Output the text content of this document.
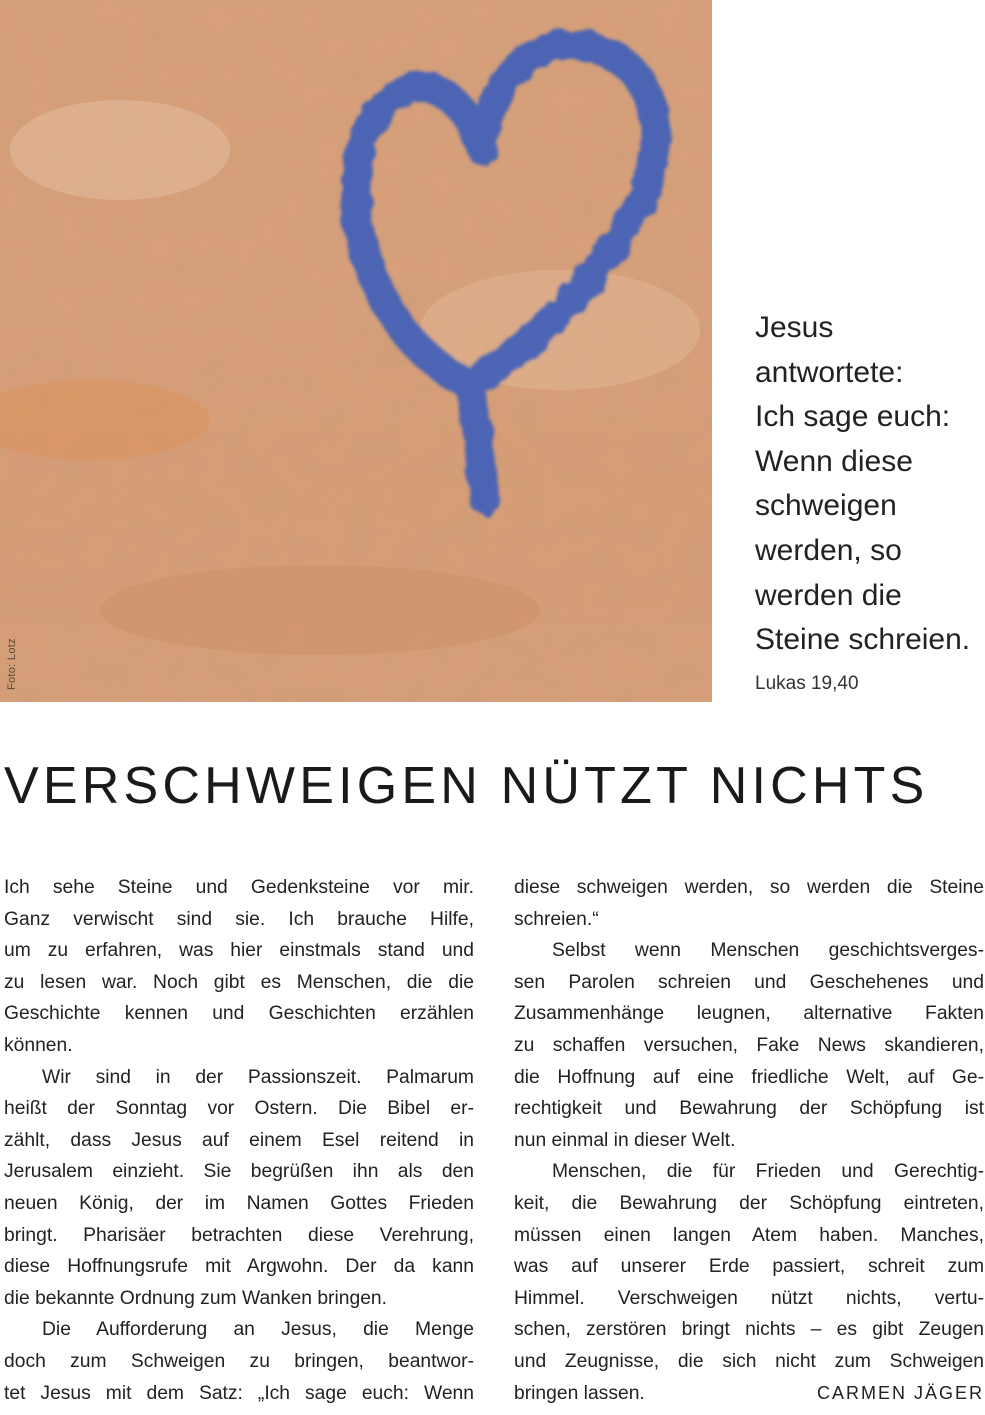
Foto: Lotz
Jesus
antwortete:
Ich sage euch:
Wenn diese
schweigen
werden, so
werden die
Steine schreien.
Lukas 19,40
VERSCHWEIGEN NÜTZT NICHTS
Ich sehe Steine und Gedenksteine vor mir.
Ganz verwischt sind sie. Ich brauche Hilfe,
um zu erfahren, was hier einstmals stand und
zu lesen war. Noch gibt es Menschen, die die
Geschichte kennen und Geschichten erzählen
können.
Wir sind in der Passionszeit. Palmarum
heißt der Sonntag vor Ostern. Die Bibel er-
zählt, dass Jesus auf einem Esel reitend in
Jerusalem einzieht. Sie begrüßen ihn als den
neuen König, der im Namen Gottes Frieden
bringt. Pharisäer betrachten diese Verehrung,
diese Hoffnungsrufe mit Argwohn. Der da kann
die bekannte Ordnung zum Wanken bringen.
Die Aufforderung an Jesus, die Menge
doch zum Schweigen zu bringen, beantwor-
tet Jesus mit dem Satz: „Ich sage euch: Wenn
diese schweigen werden, so werden die Steine
schreien.“
Selbst wenn Menschen geschichtsverges-
sen Parolen schreien und Geschehenes und
Zusammenhänge leugnen, alternative Fakten
zu schaffen versuchen, Fake News skandieren,
die Hoffnung auf eine friedliche Welt, auf Ge-
rechtigkeit und Bewahrung der Schöpfung ist
nun einmal in dieser Welt.
Menschen, die für Frieden und Gerechtig-
keit, die Bewahrung der Schöpfung eintreten,
müssen einen langen Atem haben. Manches,
was auf unserer Erde passiert, schreit zum
Himmel. Verschweigen nützt nichts, vertu-
schen, zerstören bringt nichts – es gibt Zeugen
und Zeugnisse, die sich nicht zum Schweigen
bringen lassen.	CARMEN JÄGER
